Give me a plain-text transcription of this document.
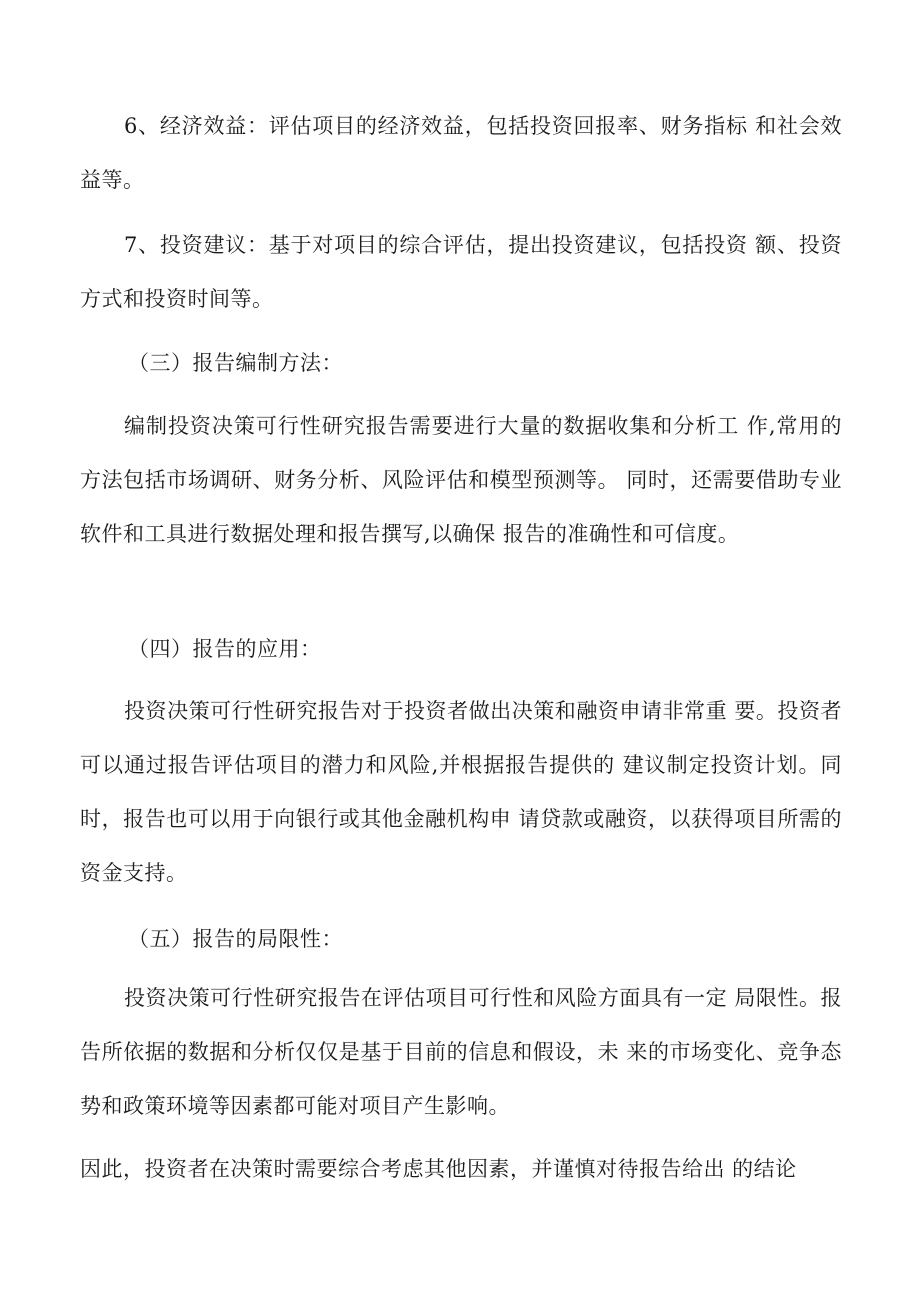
6、经济效益：评估项目的经济效益，包括投资回报率、财务指标 和社会效益等。

7、投资建议：基于对项目的综合评估，提出投资建议，包括投资 额、投资方式和投资时间等。

（三）报告编制方法：

编制投资决策可行性研究报告需要进行大量的数据收集和分析工 作,常用的方法包括市场调研、财务分析、风险评估和模型预测等。 同时，还需要借助专业软件和工具进行数据处理和报告撰写,以确保 报告的准确性和可信度。

（四）报告的应用：

投资决策可行性研究报告对于投资者做出决策和融资申请非常重 要。投资者可以通过报告评估项目的潜力和风险,并根据报告提供的 建议制定投资计划。同时，报告也可以用于向银行或其他金融机构申 请贷款或融资，以获得项目所需的资金支持。

（五）报告的局限性：

投资决策可行性研究报告在评估项目可行性和风险方面具有一定 局限性。报告所依据的数据和分析仅仅是基于目前的信息和假设，未 来的市场变化、竞争态势和政策环境等因素都可能对项目产生影响。

因此，投资者在决策时需要综合考虑其他因素，并谨慎对待报告给出 的结论
